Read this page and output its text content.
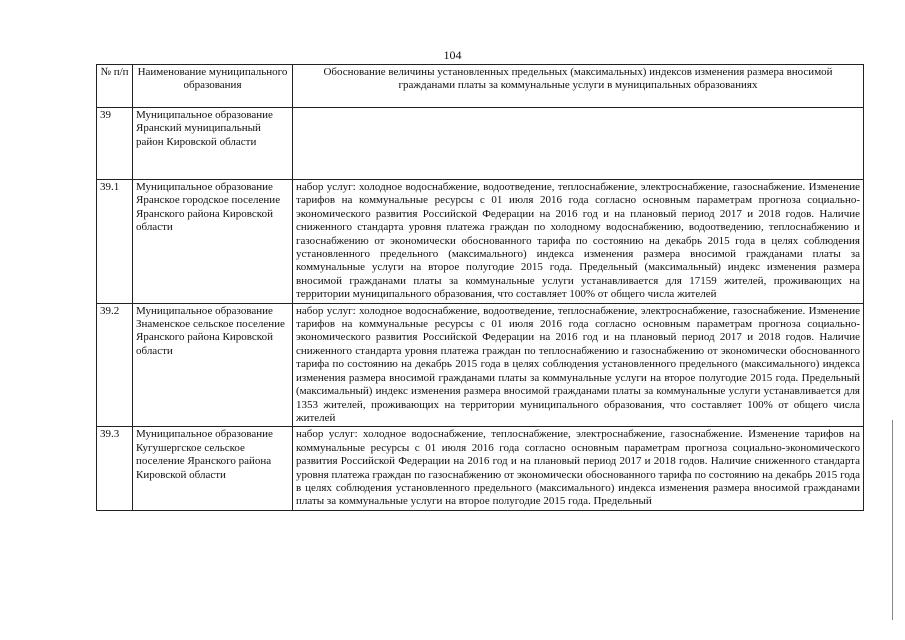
104
№ п/п	Наименование муниципального образования	Обоснование величины установленных предельных (максимальных) индексов изменения размера вносимой гражданами платы за коммунальные услуги в муниципальных образованиях
39	Муниципальное образование Яранский муниципальный район Кировской области	
39.1	Муниципальное образование Яранское городское поселение Яранского района Кировской области	набор услуг: холодное водоснабжение, водоотведение, теплоснабжение, электроснабжение, газоснабжение. Изменение тарифов на коммунальные ресурсы с 01 июля 2016 года согласно основным параметрам прогноза социально-экономического развития Российской Федерации на 2016 год и на плановый период 2017 и 2018 годов. Наличие сниженного стандарта уровня платежа граждан по холодному водоснабжению, водоотведению, теплоснабжению и газоснабжению от экономически обоснованного тарифа по состоянию на декабрь 2015 года в целях соблюдения установленного предельного (максимального) индекса изменения размера вносимой гражданами платы за коммунальные услуги на второе полугодие 2015 года. Предельный (максимальный) индекс изменения размера вносимой гражданами платы за коммунальные услуги устанавливается для 17159 жителей, проживающих на территории муниципального образования, что составляет 100% от общего числа жителей
39.2	Муниципальное образование Знаменское сельское поселение Яранского района Кировской области	набор услуг: холодное водоснабжение, водоотведение, теплоснабжение, электроснабжение, газоснабжение. Изменение тарифов на коммунальные ресурсы с 01 июля 2016 года согласно основным параметрам прогноза социально-экономического развития Российской Федерации на 2016 год и на плановый период 2017 и 2018 годов. Наличие сниженного стандарта уровня платежа граждан по теплоснабжению и газоснабжению от экономически обоснованного тарифа по состоянию на декабрь 2015 года в целях соблюдения установленного предельного (максимального) индекса изменения размера вносимой гражданами платы за коммунальные услуги на второе полугодие 2015 года. Предельный (максимальный) индекс изменения размера вносимой гражданами платы за коммунальные услуги устанавливается для 1353 жителей, проживающих на территории муниципального образования, что составляет 100% от общего числа жителей
39.3	Муниципальное образование Кугушергское сельское поселение Яранского района Кировской области	набор услуг: холодное водоснабжение, теплоснабжение, электроснабжение, газоснабжение. Изменение тарифов на коммунальные ресурсы с 01 июля 2016 года согласно основным параметрам прогноза социально-экономического развития Российской Федерации на 2016 год и на плановый период 2017 и 2018 годов. Наличие сниженного стандарта уровня платежа граждан по газоснабжению от экономически обоснованного тарифа по состоянию на декабрь 2015 года в целях соблюдения установленного предельного (максимального) индекса изменения размера вносимой гражданами платы за коммунальные услуги на второе полугодие 2015 года. Предельный
